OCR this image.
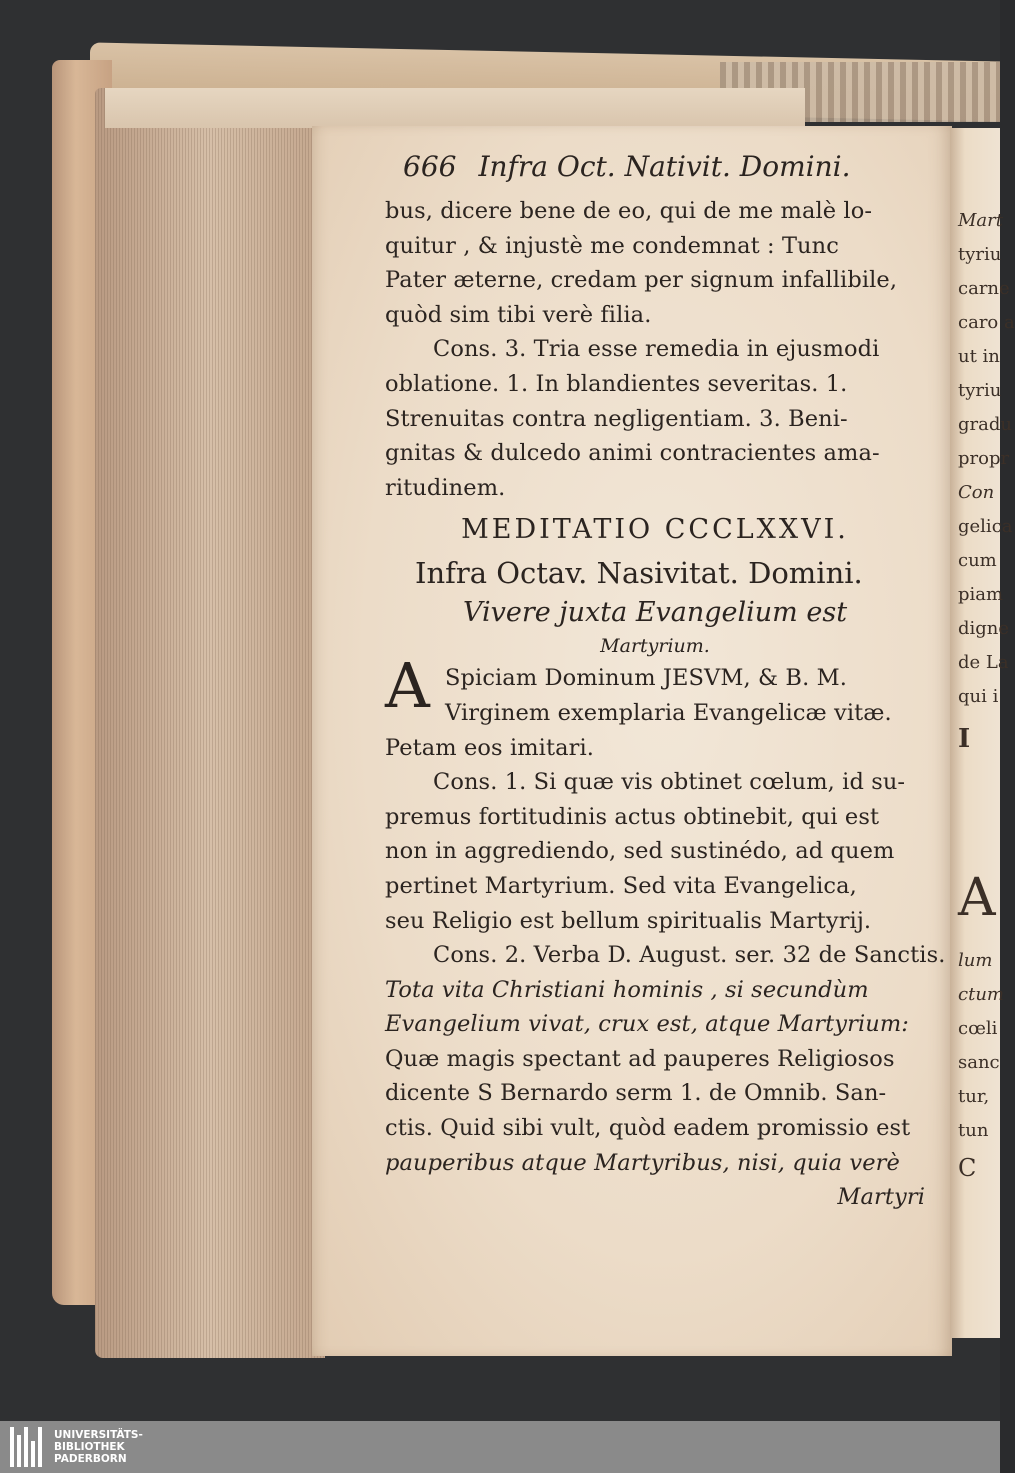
Mart
tyriu
carne
caro a
ut in
tyriu
gradu
propr
Con
gelica
cum
piam
digne
de La
qui i
I
A
lum
ctum
cœli
sanc
tur,
tun
C
666 Infra Oct. Nativit. Domini.
bus, dicere bene de eo, qui de me malè lo-
quitur , & injustè me condemnat : Tunc
Pater æterne, credam per signum infallibile,
quòd sim tibi verè filia.
Cons. 3. Tria esse remedia in ejusmodi
oblatione. 1. In blandientes severitas. 1.
Strenuitas contra negligentiam. 3. Beni-
gnitas & dulcedo animi contracientes ama-
ritudinem.
MEDITATIO CCCLXXVI.
Infra Octav. Nasivitat. Domini.
Vivere juxta Evangelium est
Martyrium.
A Spiciam Dominum JESVM, & B. M.
Virginem exemplaria Evangelicæ vitæ.
Petam eos imitari.
Cons. 1. Si quæ vis obtinet cœlum, id su-
premus fortitudinis actus obtinebit, qui est
non in aggrediendo, sed sustinédo, ad quem
pertinet Martyrium. Sed vita Evangelica,
seu Religio est bellum spiritualis Martyrij.
Cons. 2. Verba D. August. ser. 32 de Sanctis.
Tota vita Christiani hominis , si secundùm
Evangelium vivat, crux est, atque Martyrium:
Quæ magis spectant ad pauperes Religiosos
dicente S Bernardo serm 1. de Omnib. San-
ctis. Quid sibi vult, quòd eadem promissio est
pauperibus atque Martyribus, nisi, quia verè
Martyri
UNIVERSITÄTS-
BIBLIOTHEK
PADERBORN
